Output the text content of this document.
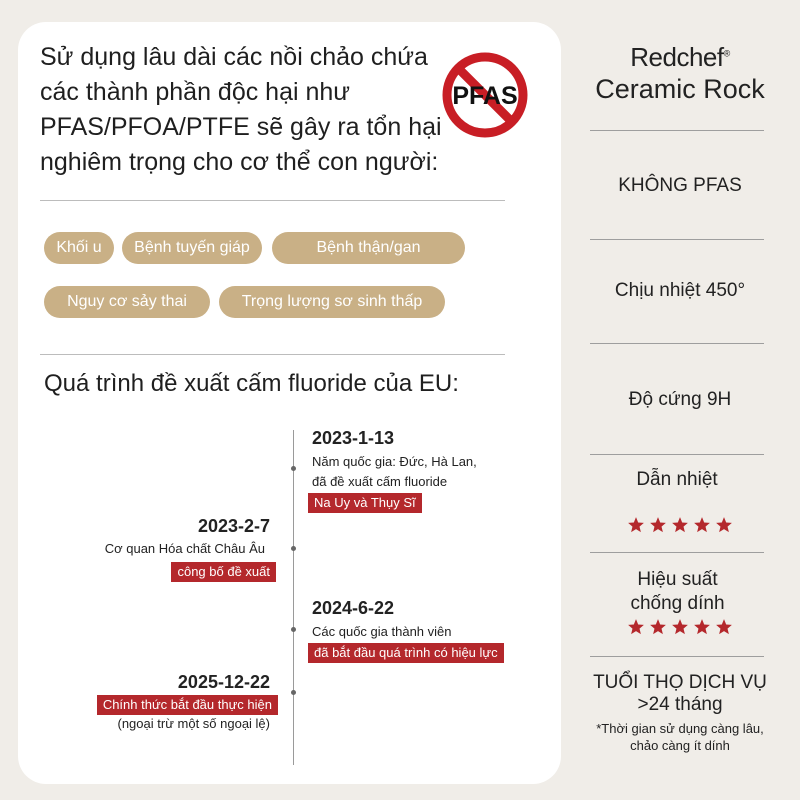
Sử dụng lâu dài các nồi chảo chứa các thành phần độc hại như PFAS/PFOA/PTFE sẽ gây ra tổn hại nghiêm trọng cho cơ thể con người:
PFAS
Khối u	Bệnh tuyến giáp	Bệnh thận/gan
Nguy cơ sảy thai	Trọng lượng sơ sinh thấp
Quá trình đề xuất cấm fluoride của EU:
2023-1-13
Năm quốc gia: Đức, Hà Lan,
đã đề xuất cấm fluoride
Na Uy và Thụy Sĩ
2023-2-7
Cơ quan Hóa chất Châu Âu
công bố đề xuất
2024-6-22
Các quốc gia thành viên
đã bắt đầu quá trình có hiệu lực
2025-12-22
Chính thức bắt đầu thực hiện
(ngoại trừ một số ngoại lệ)
Redchef®
Ceramic Rock
KHÔNG PFAS
Chịu nhiệt 450°
Độ cứng 9H
Dẫn nhiệt
Hiệu suất chống dính
TUỔI THỌ DỊCH VỤ
>24 tháng
*Thời gian sử dụng càng lâu, chảo càng ít dính
